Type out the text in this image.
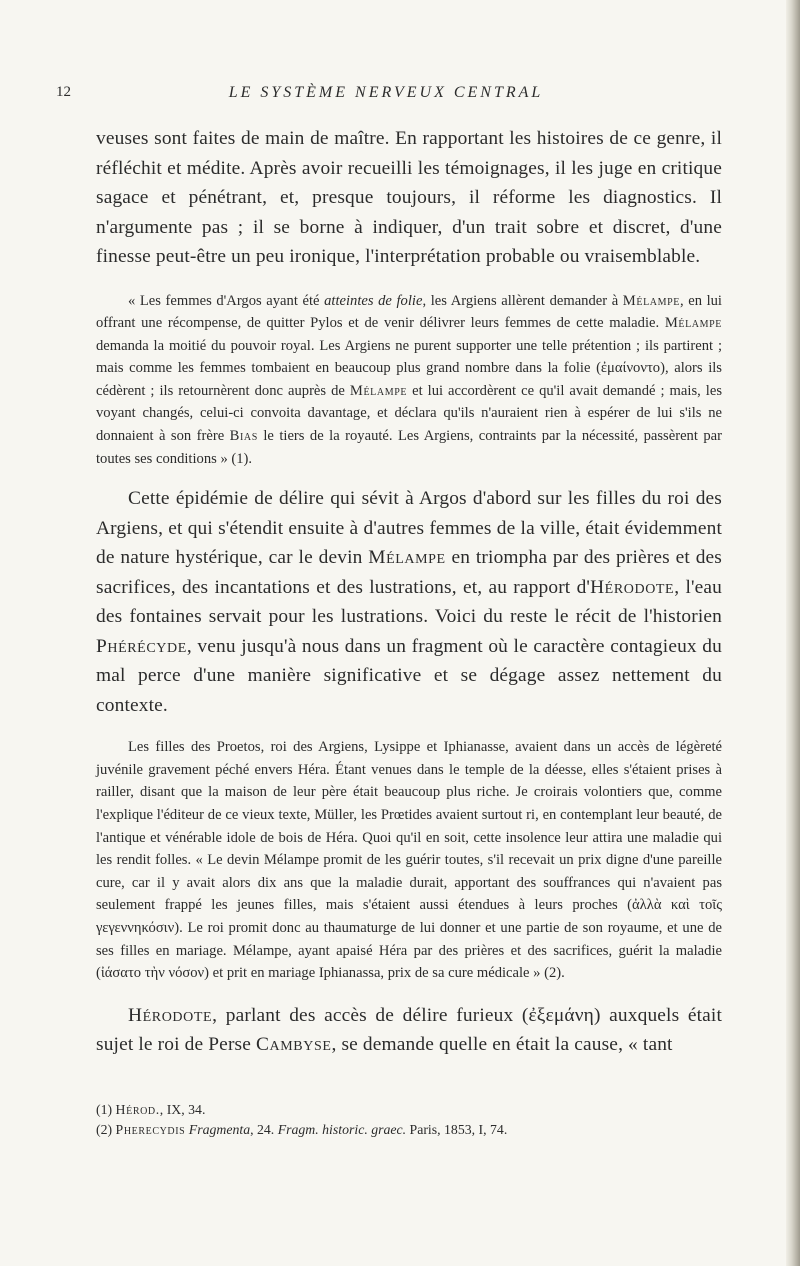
12	LE SYSTÈME NERVEUX CENTRAL

veuses sont faites de main de maître. En rapportant les histoires de ce genre, il réfléchit et médite. Après avoir recueilli les témoignages, il les juge en critique sagace et pénétrant, et, presque toujours, il réforme les diagnostics. Il n'argumente pas ; il se borne à indiquer, d'un trait sobre et discret, d'une finesse peut-être un peu ironique, l'interprétation probable ou vraisemblable.

« Les femmes d'Argos ayant été atteintes de folie, les Argiens allèrent demander à Mélampe, en lui offrant une récompense, de quitter Pylos et de venir délivrer leurs femmes de cette maladie. Mélampe demanda la moitié du pouvoir royal. Les Argiens ne purent supporter une telle prétention ; ils partirent ; mais comme les femmes tombaient en beaucoup plus grand nombre dans la folie (ἐμαίνοντο), alors ils cédèrent ; ils retournèrent donc auprès de Mélampe et lui accordèrent ce qu'il avait demandé ; mais, les voyant changés, celui-ci convoita davantage, et déclara qu'ils n'auraient rien à espérer de lui s'ils ne donnaient à son frère Bias le tiers de la royauté. Les Argiens, contraints par la nécessité, passèrent par toutes ses conditions » (1).

Cette épidémie de délire qui sévit à Argos d'abord sur les filles du roi des Argiens, et qui s'étendit ensuite à d'autres femmes de la ville, était évidemment de nature hystérique, car le devin Mélampe en triompha par des prières et des sacrifices, des incantations et des lustrations, et, au rapport d'Hérodote, l'eau des fontaines servait pour les lustrations. Voici du reste le récit de l'historien Phérécyde, venu jusqu'à nous dans un fragment où le caractère contagieux du mal perce d'une manière significative et se dégage assez nettement du contexte.

Les filles des Proetos, roi des Argiens, Lysippe et Iphianasse, avaient dans un accès de légèreté juvénile gravement péché envers Héra. Étant venues dans le temple de la déesse, elles s'étaient prises à railler, disant que la maison de leur père était beaucoup plus riche. Je croirais volontiers que, comme l'explique l'éditeur de ce vieux texte, Müller, les Prœtides avaient surtout ri, en contemplant leur beauté, de l'antique et vénérable idole de bois de Héra. Quoi qu'il en soit, cette insolence leur attira une maladie qui les rendit folles. « Le devin Mélampe promit de les guérir toutes, s'il recevait un prix digne d'une pareille cure, car il y avait alors dix ans que la maladie durait, apportant des souffrances qui n'avaient pas seulement frappé les jeunes filles, mais s'étaient aussi étendues à leurs proches (ἀλλὰ καὶ τοῖς γεγεννηκόσιν). Le roi promit donc au thaumaturge de lui donner et une partie de son royaume, et une de ses filles en mariage. Mélampe, ayant apaisé Héra par des prières et des sacrifices, guérit la maladie (ἰάσατο τὴν νόσον) et prit en mariage Iphianassa, prix de sa cure médicale » (2).

Hérodote, parlant des accès de délire furieux (ἐξεμάνη) auxquels était sujet le roi de Perse Cambyse, se demande quelle en était la cause, « tant

(1) Hérod., IX, 34.
(2) Pherecydis Fragmenta, 24. Fragm. historic. graec. Paris, 1853, I, 74.
